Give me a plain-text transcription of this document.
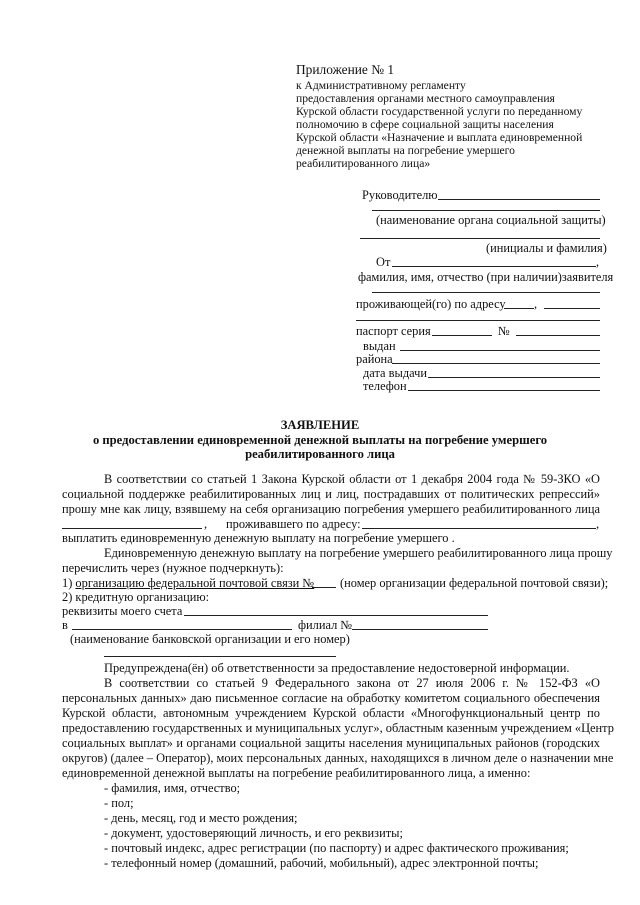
Приложение № 1
к Административному регламенту
предоставления органами местного самоуправления
Курской области государственной услуги по переданному
полномочию в сфере социальной защиты населения
Курской области «Назначение и выплата единовременной
денежной выплаты на погребение умершего
реабилитированного лица»
Руководителю
(наименование органа социальной защиты)
(инициалы и фамилия)
От	,
фамилия, имя, отчество (при наличии)заявителя
проживающей(го) по адресу ,
паспорт серия	№
выдан
района
дата выдачи
телефон
ЗАЯВЛЕНИЕ
о предоставлении единовременной денежной выплаты на погребение умершего
реабилитированного лица
В соответствии со статьей 1 Закона Курской области от 1 декабря 2004 года № 59-ЗКО «О
социальной поддержке реабилитированных лиц и лиц, пострадавших от политических репрессий»
прошу мне как лицу, взявшему на себя организацию погребения умершего реабилитированного лица
, проживавшего по адресу:	,
выплатить единовременную денежную выплату на погребение умершего .
Единовременную денежную выплату на погребение умершего реабилитированного лица прошу
перечислить через (нужное подчеркнуть):
1) организацию федеральной почтовой связи № (номер организации федеральной почтовой связи);
2) кредитную организацию:
реквизиты моего счета
в	филиал №
(наименование банковской организации и его номер)
Предупреждена(ён) об ответственности за предоставление недостоверной информации.
В соответствии со статьей 9 Федерального закона от 27 июля 2006 г. № 152-ФЗ «О
персональных данных» даю письменное согласие на обработку комитетом социального обеспечения
Курской области, автономным учреждением Курской области «Многофункциональный центр по
предоставлению государственных и муниципальных услуг», областным казенным учреждением «Центр
социальных выплат» и органами социальной защиты населения муниципальных районов (городских
округов) (далее – Оператор), моих персональных данных, находящихся в личном деле о назначении мне
единовременной денежной выплаты на погребение реабилитированного лица, а именно:
- фамилия, имя, отчество;
- пол;
- день, месяц, год и место рождения;
- документ, удостоверяющий личность, и его реквизиты;
- почтовый индекс, адрес регистрации (по паспорту) и адрес фактического проживания;
- телефонный номер (домашний, рабочий, мобильный), адрес электронной почты;
